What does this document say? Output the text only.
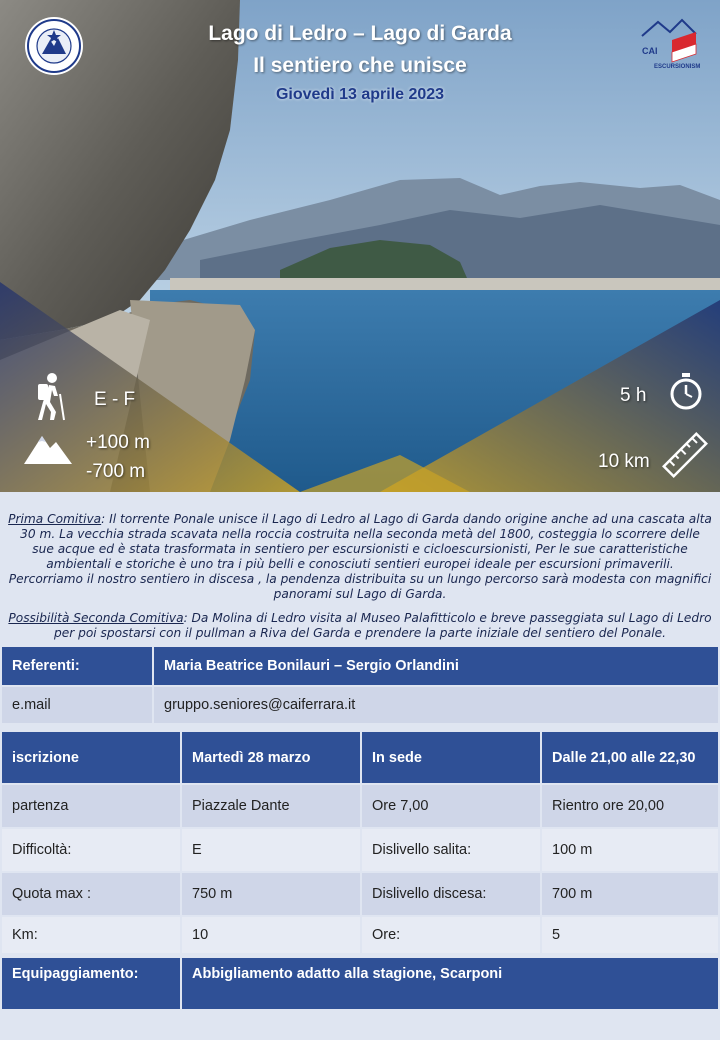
CAI
ESCURSIONISMO
Lago di Ledro – Lago di Garda
Il sentiero che unisce
Giovedì 13 aprile 2023
E - F
+100 m
-700 m
5 h
10 km

Prima Comitiva: Il torrente Ponale unisce il Lago di Ledro al Lago di Garda dando origine anche ad una cascata alta 30 m. La vecchia strada scavata nella roccia costruita nella seconda metà del 1800, costeggia lo scorrere delle sue acque ed è stata trasformata in sentiero per escursionisti e cicloescursionisti, Per le sue caratteristiche ambientali e storiche è uno tra i più belli e conosciuti sentieri europei ideale per escursioni primaverili. Percorriamo il nostro sentiero in discesa , la pendenza distribuita su un lungo percorso sarà modesta con magnifici panorami sul Lago di Garda.

Possibilità Seconda Comitiva: Da Molina di Ledro visita al Museo Palafitticolo e breve passeggiata sul Lago di Ledro per poi spostarsi con il pullman a Riva del Garda e prendere la parte iniziale del sentiero del Ponale.

Referenti:	Maria Beatrice Bonilauri – Sergio Orlandini
e.mail	gruppo.seniores@caiferrara.it
iscrizione	Martedì 28 marzo	In sede	Dalle 21,00 alle 22,30
partenza	Piazzale Dante	Ore 7,00	Rientro ore 20,00
Difficoltà:	E	Dislivello salita:	100 m
Quota max :	750 m	Dislivello discesa:	700 m
Km:	10	Ore:	5
Equipaggiamento:	Abbigliamento adatto alla stagione, Scarponi
